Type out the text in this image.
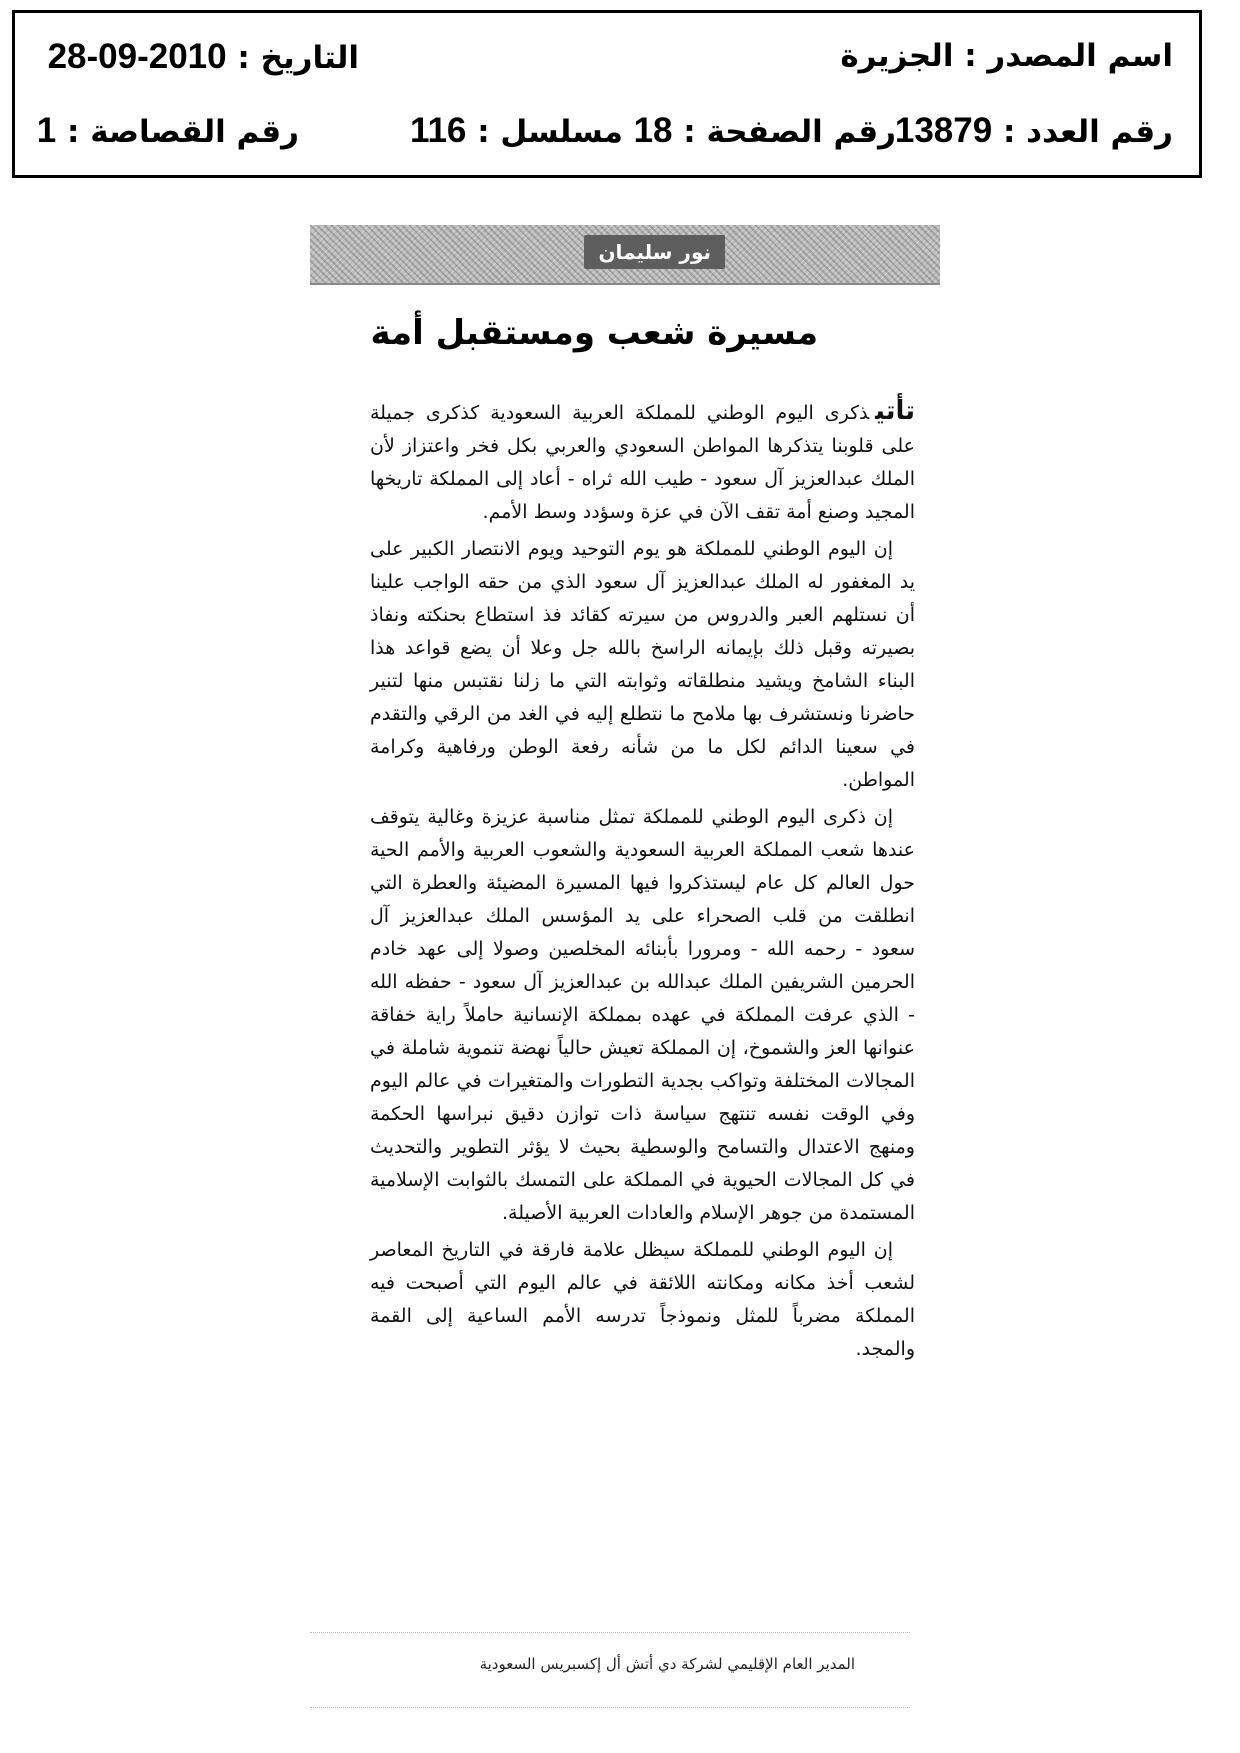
اسم المصدر : الجزيرة
التاريخ : 2010-09-28
رقم العدد : 13879
رقم الصفحة : 18
مسلسل : 116
رقم القصاصة : 1
نور سليمان
مسيرة شعب ومستقبل أمة

تأتيذكرى اليوم الوطني للمملكة العربية السعودية كذكرى جميلة على قلوبنا يتذكرها المواطن السعودي والعربي بكل فخر واعتزاز لأن الملك عبدالعزيز آل سعود - طيب الله ثراه - أعاد إلى المملكة تاريخها المجيد وصنع أمة تقف الآن في عزة وسؤدد وسط الأمم.

إن اليوم الوطني للمملكة هو يوم التوحيد ويوم الانتصار الكبير على يد المغفور له الملك عبدالعزيز آل سعود الذي من حقه الواجب علينا أن نستلهم العبر والدروس من سيرته كقائد فذ استطاع بحنكته ونفاذ بصيرته وقبل ذلك بإيمانه الراسخ بالله جل وعلا أن يضع قواعد هذا البناء الشامخ ويشيد منطلقاته وثوابته التي ما زلنا نقتبس منها لتنير حاضرنا ونستشرف بها ملامح ما نتطلع إليه في الغد من الرقي والتقدم في سعينا الدائم لكل ما من شأنه رفعة الوطن ورفاهية وكرامة المواطن.

إن ذكرى اليوم الوطني للمملكة تمثل مناسبة عزيزة وغالية يتوقف عندها شعب المملكة العربية السعودية والشعوب العربية والأمم الحية حول العالم كل عام ليستذكروا فيها المسيرة المضيئة والعطرة التي انطلقت من قلب الصحراء على يد المؤسس الملك عبدالعزيز آل سعود - رحمه الله - ومرورا بأبنائه المخلصين وصولا إلى عهد خادم الحرمين الشريفين الملك عبدالله بن عبدالعزيز آل سعود - حفظه الله - الذي عرفت المملكة في عهده بمملكة الإنسانية حاملاً راية خفاقة عنوانها العز والشموخ، إن المملكة تعيش حالياً نهضة تنموية شاملة في المجالات المختلفة وتواكب بجدية التطورات والمتغيرات في عالم اليوم وفي الوقت نفسه تنتهج سياسة ذات توازن دقيق نبراسها الحكمة ومنهج الاعتدال والتسامح والوسطية بحيث لا يؤثر التطوير والتحديث في كل المجالات الحيوية في المملكة على التمسك بالثوابت الإسلامية المستمدة من جوهر الإسلام والعادات العربية الأصيلة.

إن اليوم الوطني للمملكة سيظل علامة فارقة في التاريخ المعاصر لشعب أخذ مكانه ومكانته اللائقة في عالم اليوم التي أصبحت فيه المملكة مضرباً للمثل ونموذجاً تدرسه الأمم الساعية إلى القمة والمجد.

المدير العام الإقليمي لشركة دي أتش أل إكسبريس السعودية
